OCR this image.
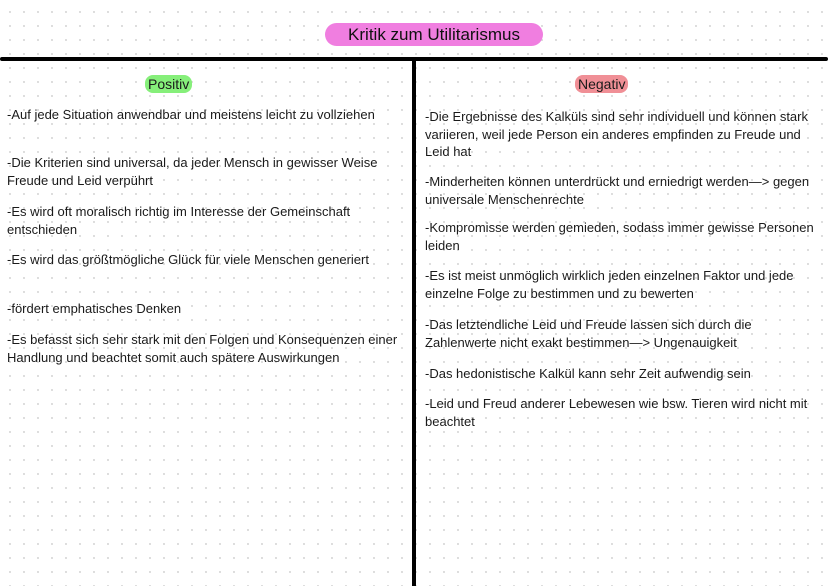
Kritik zum Utilitarismus
Positiv	Negativ

-Auf jede Situation anwendbar und meistens leicht zu vollziehen

-Die Kriterien sind universal, da jeder Mensch in gewisser Weise Freude und Leid verpührt

-Es wird oft moralisch richtig im Interesse der Gemeinschaft entschieden

-Es wird das größtmögliche Glück für viele Menschen generiert

-fördert emphatisches Denken

-Es befasst sich sehr stark mit den Folgen und Konsequenzen einer Handlung und beachtet somit auch spätere Auswirkungen

-Die Ergebnisse des Kalküls sind sehr individuell und können stark variieren, weil jede Person ein anderes empfinden zu Freude und Leid hat

-Minderheiten können unterdrückt und erniedrigt werden—> gegen universale Menschenrechte

-Kompromisse werden gemieden, sodass immer gewisse Personen leiden

-Es ist meist unmöglich wirklich jeden einzelnen Faktor und jede einzelne Folge zu bestimmen und zu bewerten

-Das letztendliche Leid und Freude lassen sich durch die Zahlenwerte nicht exakt bestimmen—> Ungenauigkeit

-Das hedonistische Kalkül kann sehr Zeit aufwendig sein

-Leid und Freud anderer Lebewesen wie bsw. Tieren wird nicht mit beachtet
